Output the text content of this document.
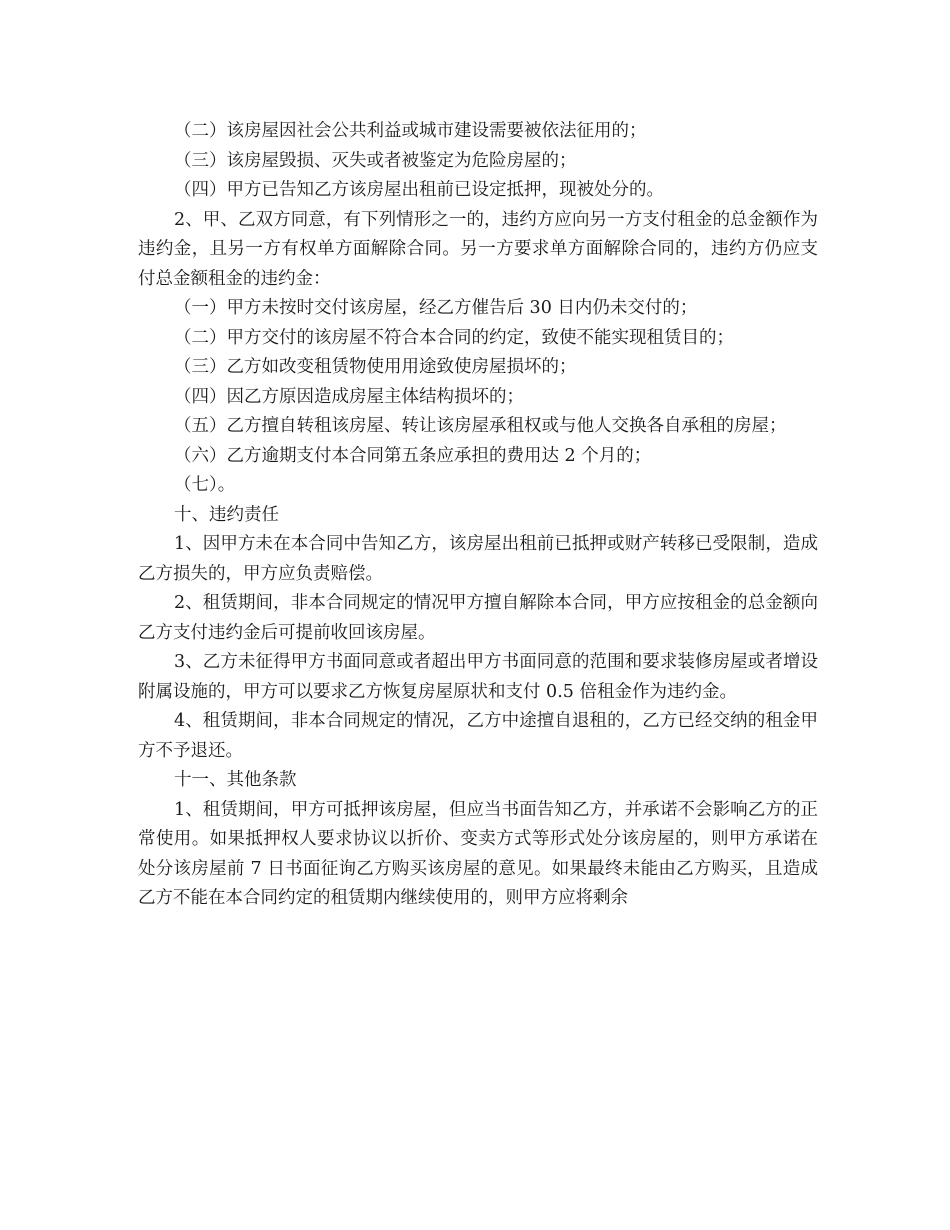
（二）该房屋因社会公共利益或城市建设需要被依法征用的；

（三）该房屋毁损、灭失或者被鉴定为危险房屋的；

（四）甲方已告知乙方该房屋出租前已设定抵押，现被处分的。

2、甲、乙双方同意，有下列情形之一的，违约方应向另一方支付租金的总金额作为违约金，且另一方有权单方面解除合同。另一方要求单方面解除合同的，违约方仍应支付总金额租金的违约金：

（一）甲方未按时交付该房屋，经乙方催告后 30 日内仍未交付的；

（二）甲方交付的该房屋不符合本合同的约定，致使不能实现租赁目的；

（三）乙方如改变租赁物使用用途致使房屋损坏的；

（四）因乙方原因造成房屋主体结构损坏的；

（五）乙方擅自转租该房屋、转让该房屋承租权或与他人交换各自承租的房屋；

（六）乙方逾期支付本合同第五条应承担的费用达 2 个月的；

（七）。

十、违约责任

1、因甲方未在本合同中告知乙方，该房屋出租前已抵押或财产转移已受限制，造成乙方损失的，甲方应负责赔偿。

2、租赁期间，非本合同规定的情况甲方擅自解除本合同，甲方应按租金的总金额向乙方支付违约金后可提前收回该房屋。

3、乙方未征得甲方书面同意或者超出甲方书面同意的范围和要求装修房屋或者增设附属设施的，甲方可以要求乙方恢复房屋原状和支付 0.5 倍租金作为违约金。

4、租赁期间，非本合同规定的情况，乙方中途擅自退租的，乙方已经交纳的租金甲方不予退还。

十一、其他条款

1、租赁期间，甲方可抵押该房屋，但应当书面告知乙方，并承诺不会影响乙方的正常使用。如果抵押权人要求协议以折价、变卖方式等形式处分该房屋的，则甲方承诺在处分该房屋前 7 日书面征询乙方购买该房屋的意见。如果最终未能由乙方购买，且造成乙方不能在本合同约定的租赁期内继续使用的，则甲方应将剩余
